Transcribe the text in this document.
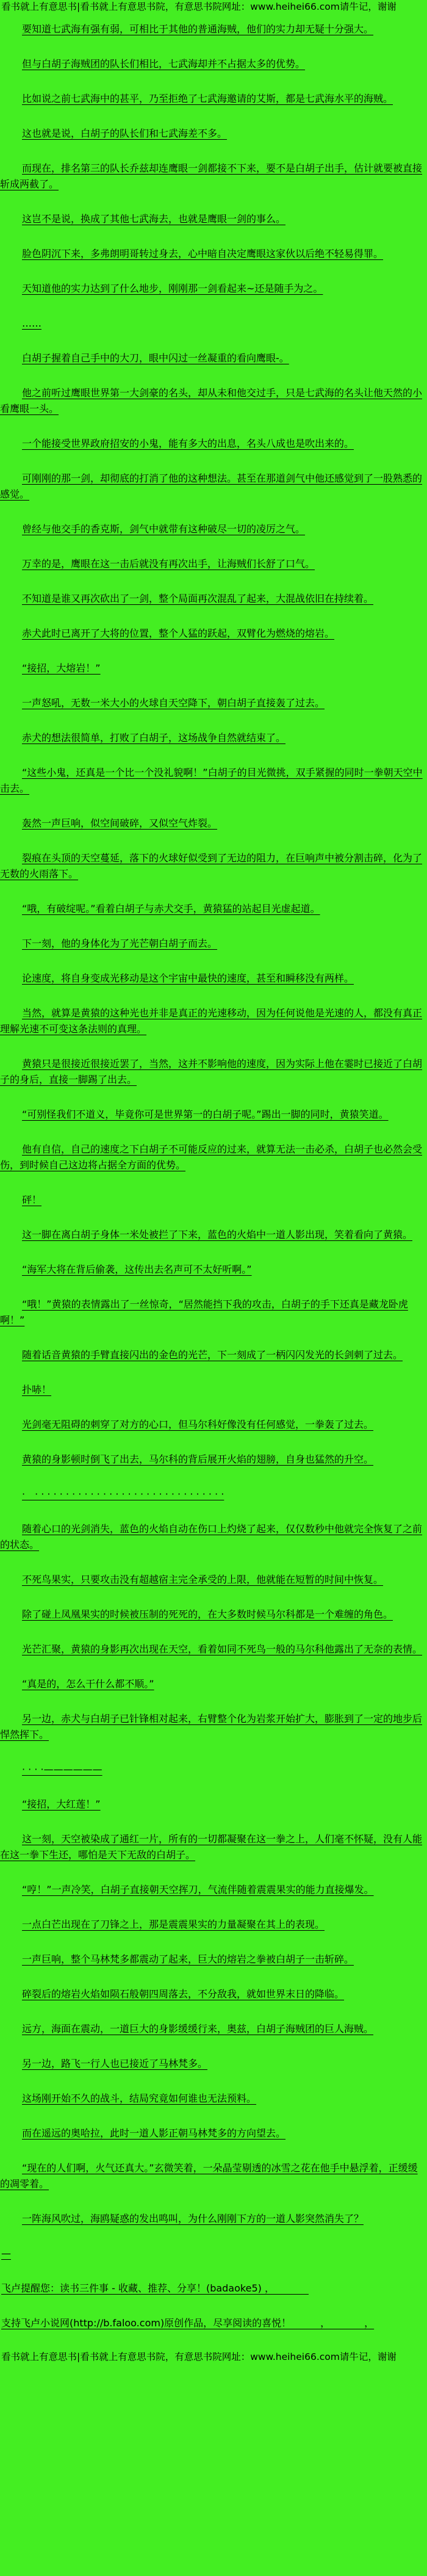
看书就上有意思书|看书就上有意思书院，有意思书院网址：www.heihei66.com请牛记，谢谢

要知道七武海有强有弱，可相比于其他的普通海贼，他们的实力却无疑十分强大。

但与白胡子海贼团的队长们相比，七武海却并不占据太多的优势。

比如说之前七武海中的甚平，乃至拒绝了七武海邀请的艾斯，都是七武海水平的海贼。

这也就是说，白胡子的队长们和七武海差不多。

而现在，排名第三的队长乔兹却连鹰眼一剑都接不下来，要不是白胡子出手，估计就要被直接斩成两截了。

这岂不是说，换成了其他七武海去，也就是鹰眼一剑的事么。

脸色阴沉下来，多弗朗明哥转过身去，心中暗自决定鹰眼这家伙以后绝不轻易得罪。

天知道他的实力达到了什么地步，刚刚那一剑看起来~还是随手为之。

……

白胡子握着自己手中的大刀，眼中闪过一丝凝重的看向鹰眼-。

他之前听过鹰眼世界第一大剑豪的名头，却从未和他交过手，只是七武海的名头让他天然的小看鹰眼一头。

一个能接受世界政府招安的小鬼，能有多大的出息，名头八成也是吹出来的。

可刚刚的那一剑，却彻底的打消了他的这种想法。甚至在那道剑气中他还感觉到了一股熟悉的感觉。

曾经与他交手的香克斯，剑气中就带有这种破尽一切的凌厉之气。

万幸的是，鹰眼在这一击后就没有再次出手，让海贼们长舒了口气。

不知道是谁又再次砍出了一剑，整个局面再次混乱了起来，大混战依旧在持续着。

赤犬此时已离开了大将的位置，整个人猛的跃起，双臂化为燃烧的熔岩。

“接招，大熔岩！”

一声怒吼，无数一米大小的火球自天空降下，朝白胡子直接轰了过去。

赤犬的想法很简单，打败了白胡子，这场战争自然就结束了。

“这些小鬼，还真是一个比一个没礼貌啊！”白胡子的目光微挑，双手紧握的同时一拳朝天空中击去。

轰然一声巨响，似空间破碎，又似空气炸裂。

裂痕在头顶的天空蔓延，落下的火球好似受到了无边的阻力，在巨响声中被分割击碎，化为了无数的火雨落下。

“哦，有破绽呢。”看着白胡子与赤犬交手，黄猿猛的站起目光虚起道。

下一刻，他的身体化为了光芒朝白胡子而去。

论速度，将自身变成光移动是这个宇宙中最快的速度，甚至和瞬移没有两样。

当然，就算是黄猿的这种光也并非是真正的光速移动，因为任何说他是光速的人，都没有真正理解光速不可变这条法则的真理。

黄猿只是很接近很接近罢了，当然，这并不影响他的速度，因为实际上他在霎时已接近了白胡子的身后，直接一脚踢了出去。

“可别怪我们不道义，毕竟你可是世界第一的白胡子呢。”踢出一脚的同时，黄猿笑道。

他有自信，自己的速度之下白胡子不可能反应的过来，就算无法一击必杀，白胡子也必然会受伤，到时候自己这边将占据全方面的优势。

砰！

这一脚在离白胡子身体一米处被拦了下来，蓝色的火焰中一道人影出现，笑着看向了黄猿。

“海军大将在背后偷袭，这传出去名声可不太好听啊。”

“哦！”黄猿的表情露出了一丝惊奇，“居然能挡下我的攻击，白胡子的手下还真是藏龙卧虎啊！”

随着话音黄猿的手臂直接闪出的金色的光芒，下一刻成了一柄闪闪发光的长剑刺了过去。

扑哧！

光剑毫无阻碍的刺穿了对方的心口，但马尔科好像没有任何感觉，一拳轰了过去。

黄猿的身影顿时倒飞了出去，马尔科的背后展开火焰的翅膀，自身也猛然的升空。

·　· · · · · · · · · · · · · · · · · · · · · · · · · · · · · · ·

随着心口的光剑消失，蓝色的火焰自动在伤口上灼烧了起来，仅仅数秒中他就完全恢复了之前的状态。

不死鸟果实，只要攻击没有超越宿主完全承受的上限，他就能在短暂的时间中恢复。

除了碰上凤凰果实的时候被压制的死死的，在大多数时候马尔科都是一个难缠的角色。

光芒汇聚，黄猿的身影再次出现在天空，看着如同不死鸟一般的马尔科他露出了无奈的表情。

“真是的，怎么干什么都不顺。”

另一边，赤犬与白胡子已针锋相对起来，右臂整个化为岩浆开始扩大，膨胀到了一定的地步后悍然挥下。

· · · ·——————

“接招，大红莲！”

这一刻，天空被染成了通红一片，所有的一切都凝聚在这一拳之上，人们毫不怀疑，没有人能在这一拳下生还，哪怕是天下无敌的白胡子。

“哼！”一声冷笑，白胡子直接朝天空挥刀，气流伴随着震震果实的能力直接爆发。

一点白芒出现在了刀锋之上，那是震震果实的力量凝聚在其上的表现。

一声巨响，整个马林梵多都震动了起来，巨大的熔岩之拳被白胡子一击斩碎。

碎裂后的熔岩火焰如陨石般朝四周落去，不分敌我，就如世界末日的降临。

远方，海面在震动，一道巨大的身影缓缓行来，奥兹，白胡子海贼团的巨人海贼。

另一边，路飞一行人也已接近了马林梵多。

这场刚开始不久的战斗，结局究竟如何谁也无法预料。

而在遥远的奥哈拉，此时一道人影正朝马林梵多的方向望去。

“现在的人们啊，火气还真大。”玄微笑着，一朵晶莹剔透的冰雪之花在他手中悬浮着，正缓缓的凋零着。

一阵海风吹过，海鸥疑惑的发出鸣叫，为什么刚刚下方的一道人影突然消失了？

—

飞卢提醒您：读书三件事 - 收藏、推荐、分享！(badaoke5) ，　　　　

支持飞卢小说网(http://b.faloo.com)原创作品，尽享阅读的喜悦！　　　，　　　　，

看书就上有意思书|看书就上有意思书院，有意思书院网址：www.heihei66.com请牛记，谢谢
